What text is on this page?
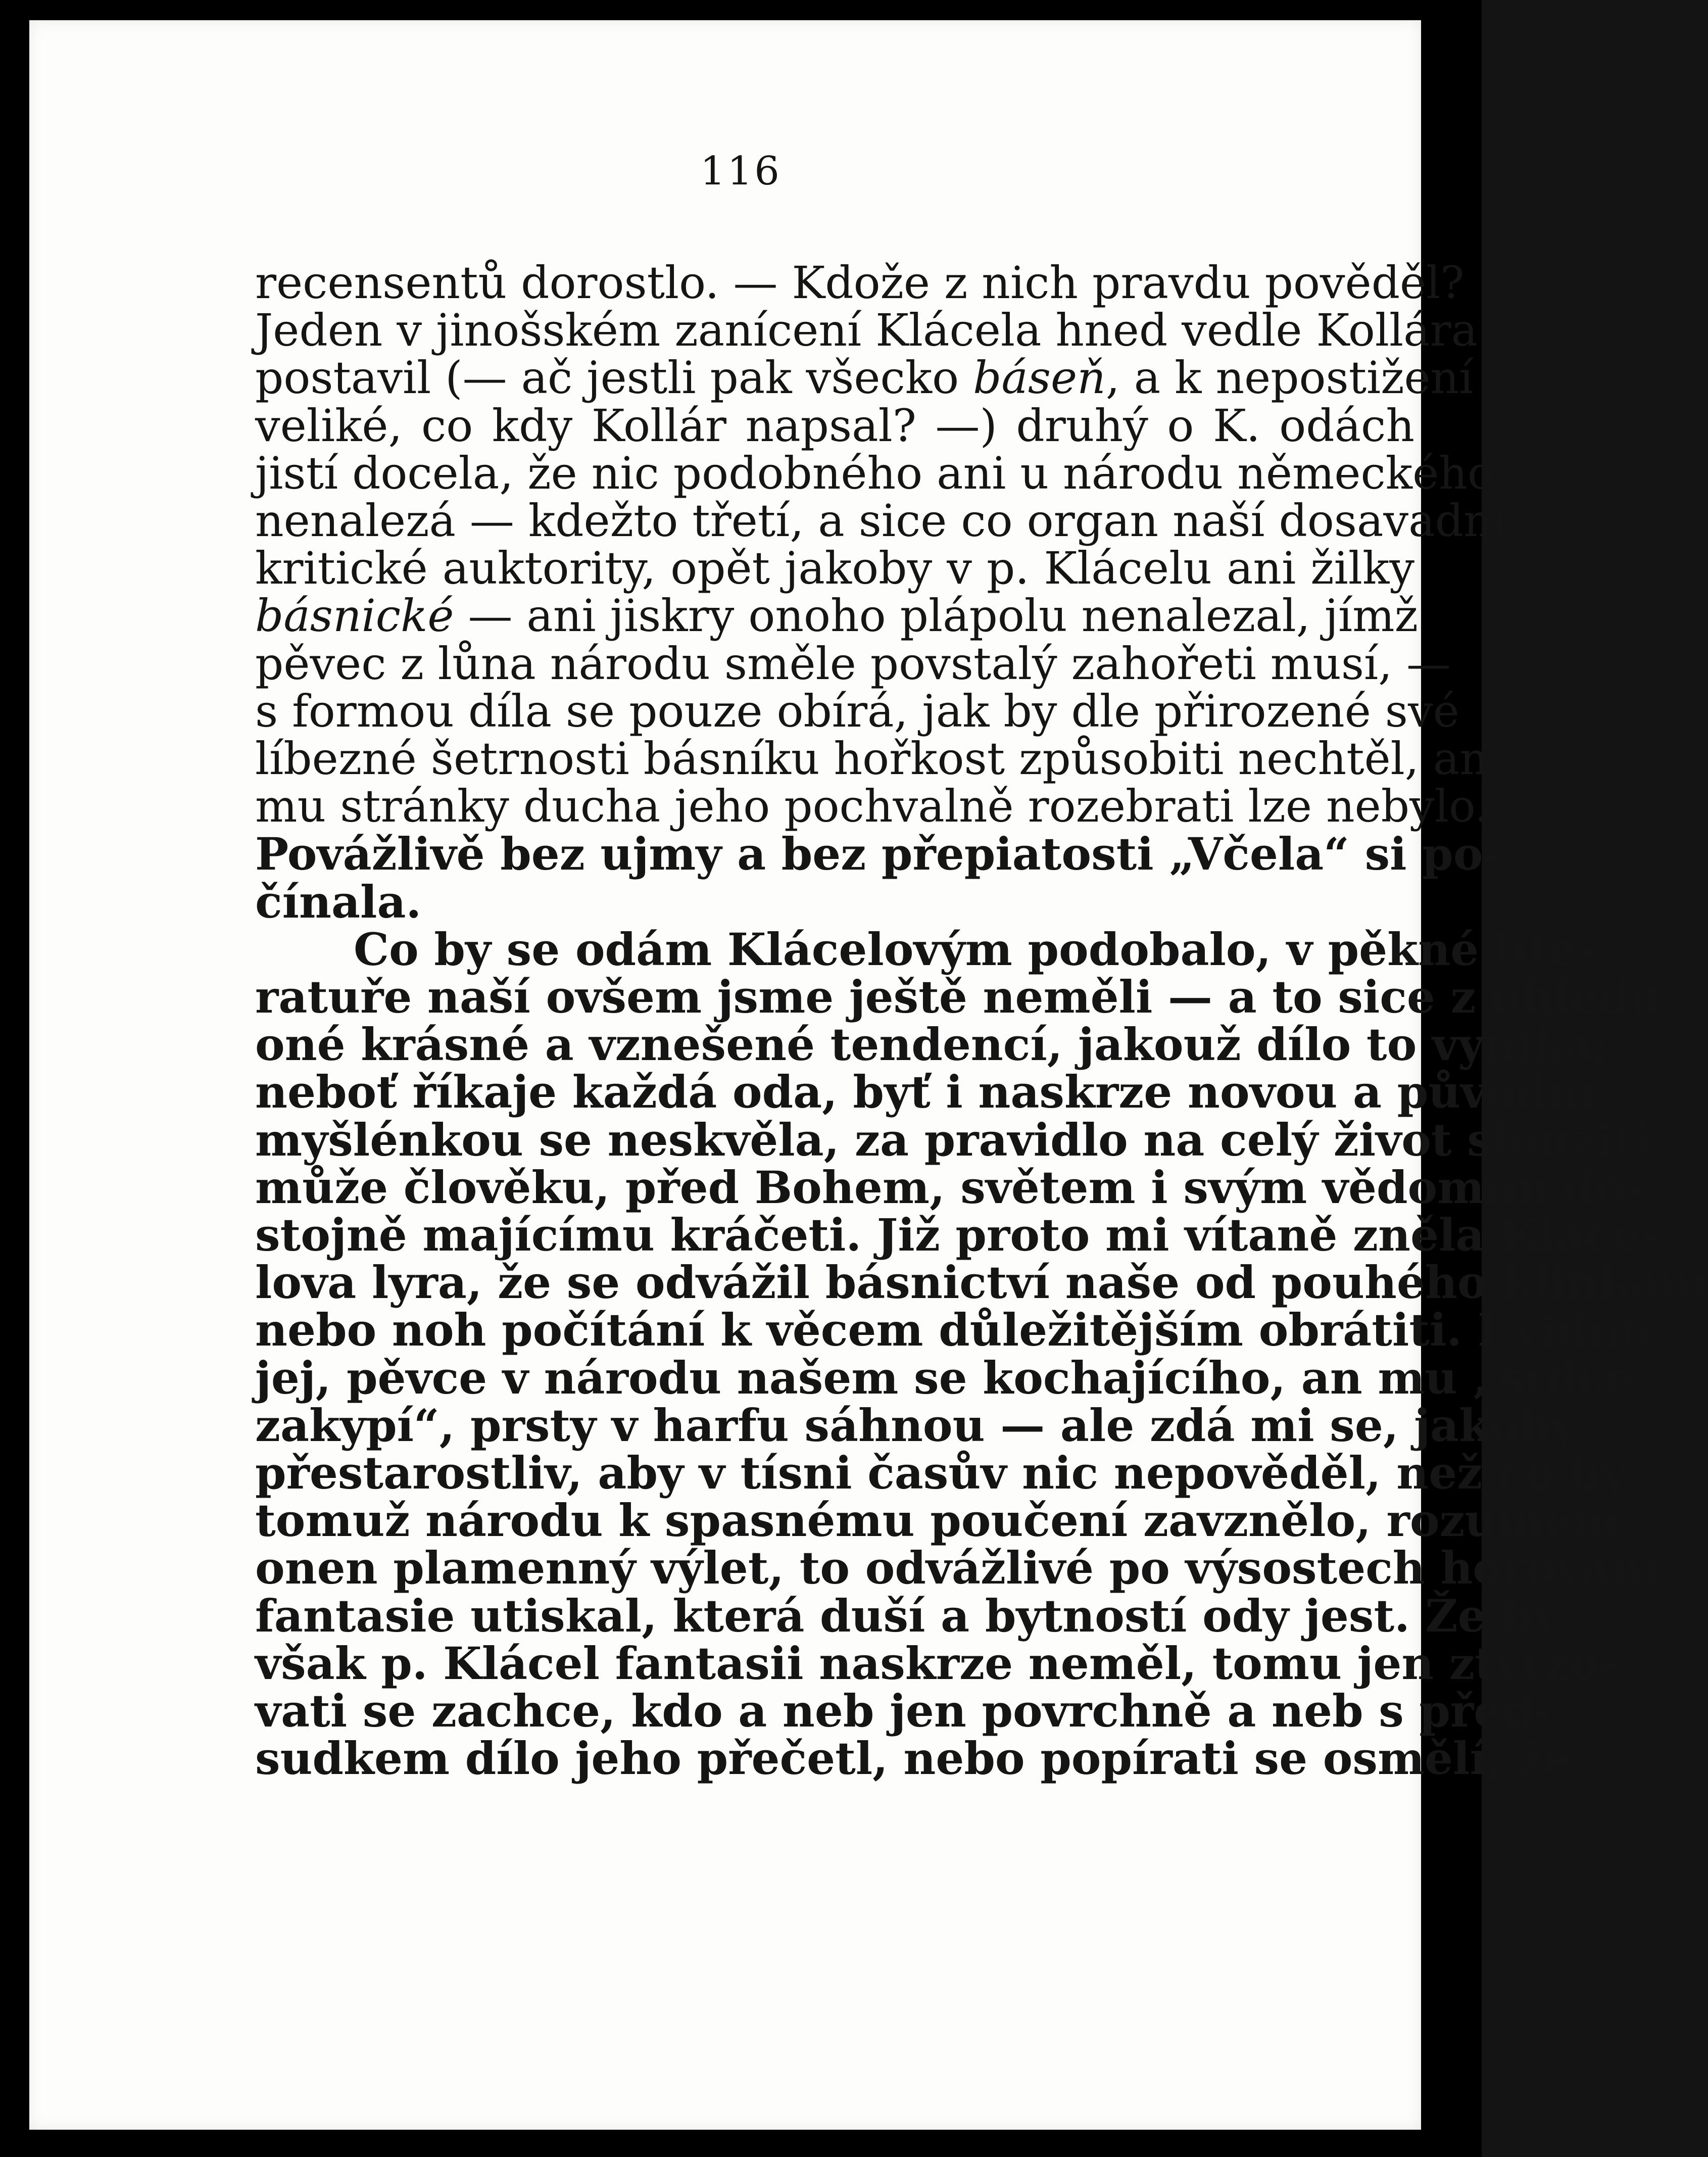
116

recensentů dorostlo. — Kdože z nich pravdu pověděl?

Jeden v jinošském zanícení Klácela hned vedle Kollára

postavil (— ač jestli pak všecko báseň, a k nepostižení

veliké, co kdy Kollár napsal? —) druhý o K. odách

jistí docela, že nic podobného ani u národu německého

nenalezá — kdežto třetí, a sice co organ naší dosavadní

kritické auktority, opět jakoby v p. Klácelu ani žilky

básnické — ani jiskry onoho plápolu nenalezal, jímž

pěvec z lůna národu směle povstalý zahořeti musí, —

s formou díla se pouze obírá, jak by dle přirozené své

líbezné šetrnosti básníku hořkost způsobiti nechtěl, an

mu stránky ducha jeho pochvalně rozebrati lze nebylo.

Povážlivě bez ujmy a bez přepiatosti „Včela“ si po-

čínala.

Co by se odám Klácelovým podobalo, v pěkné lite-

ratuře naší ovšem jsme ještě neměli — a to sice z ohledu

oné krásné a vznešené tendencí, jakouž dílo to vyniká;

neboť říkaje každá oda, byť i naskrze novou a původní

myšlénkou se neskvěla, za pravidlo na celý život sloužiti

může člověku, před Bohem, světem i svým vědomím do-

stojně majícímu kráčeti. Již proto mi vítaně zněla Kláce-

lova lyra, že se odvážil básnictví naše od pouhého klinkání

nebo noh počítání k věcem důležitějším obrátiti. I vidím

jej, pěvce v národu našem se kochajícího, an mu „srdce

zakypí“, prsty v harfu sáhnou — ale zdá mi se, jakoby

přestarostliv, aby v tísni časův nic nepověděl, než co by

tomuž národu k spasnému poučení zavznělo, rozumem

onen plamenný výlet, to odvážlivé po výsostech horování

fantasie utiskal, která duší a bytností ody jest. Že by

však p. Klácel fantasii naskrze neměl, tomu jen ztvrzo-

vati se zachce, kdo a neb jen povrchně a neb s před-

sudkem dílo jeho přečetl, nebo popírati se osmělí, že
